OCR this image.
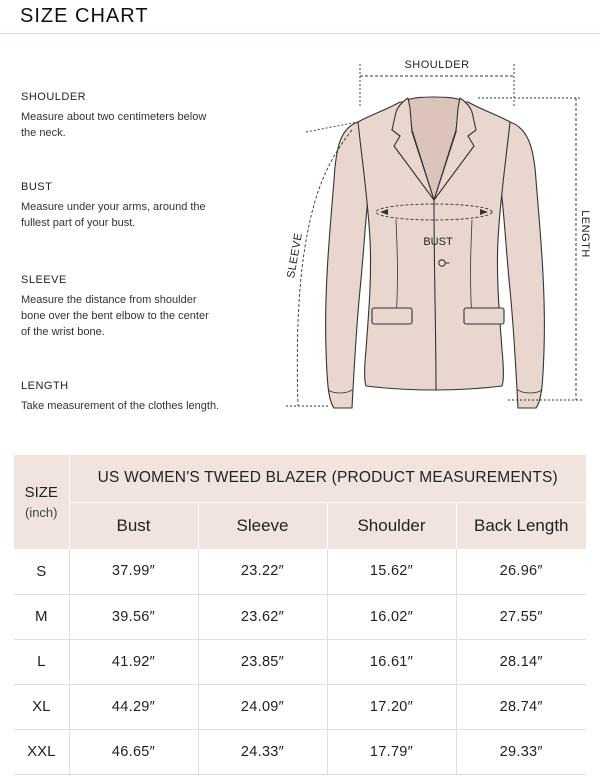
SIZE CHART
SHOULDER
Measure about two centimeters below
the neck.
BUST
Measure under your arms, around the
fullest part of your bust.
SLEEVE
Measure the distance from shoulder
bone over the bent elbow to the center
of the wrist bone.
LENGTH
Take measurement of the clothes length.
SHOULDER
BUST
SLEEVE	LENGTH
SIZE
(inch)	US WOMEN'S TWEED BLAZER (PRODUCT MEASUREMENTS)			
	Bust	Sleeve	Shoulder	Back Length
S	37.99″	23.22″	15.62″	26.96″
M	39.56″	23.62″	16.02″	27.55″
L	41.92″	23.85″	16.61″	28.14″
XL	44.29″	24.09″	17.20″	28.74″
XXL	46.65″	24.33″	17.79″	29.33″
